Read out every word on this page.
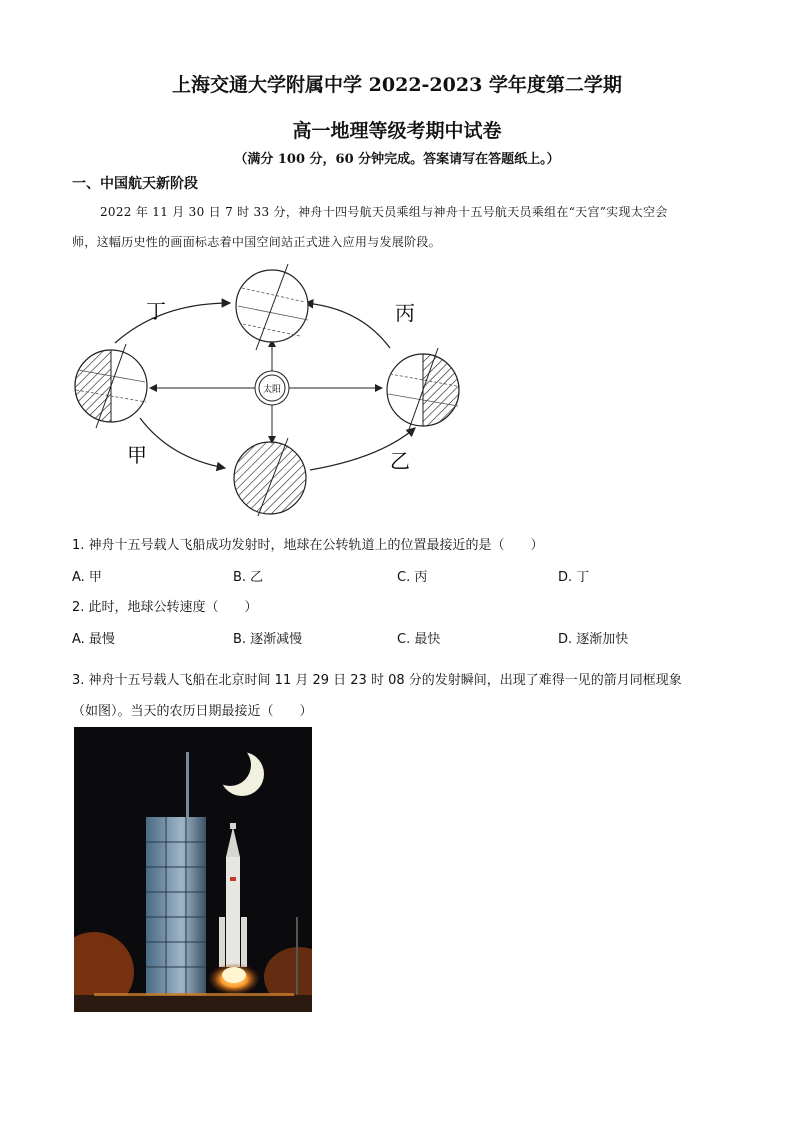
上海交通大学附属中学 2022-2023 学年度第二学期
高一地理等级考期中试卷
（满分 100 分，60 分钟完成。答案请写在答题纸上。）
一、中国航天新阶段
2022 年 11 月 30 日 7 时 33 分，神舟十四号航天员乘组与神舟十五号航天员乘组在“天宫”实现太空会
师，这幅历史性的画面标志着中国空间站正式进入应用与发展阶段。
太阳
丁	丙
甲	乙
1. 神舟十五号载人飞船成功发射时，地球在公转轨道上的位置最接近的是（　　）
A. 甲	B. 乙	C. 丙	D. 丁
2. 此时，地球公转速度（　　）
A. 最慢	B. 逐渐减慢	C. 最快	D. 逐渐加快
3. 神舟十五号载人飞船在北京时间 11 月 29 日 23 时 08 分的发射瞬间，出现了难得一见的箭月同框现象
（如图）。当天的农历日期最接近（　　）
